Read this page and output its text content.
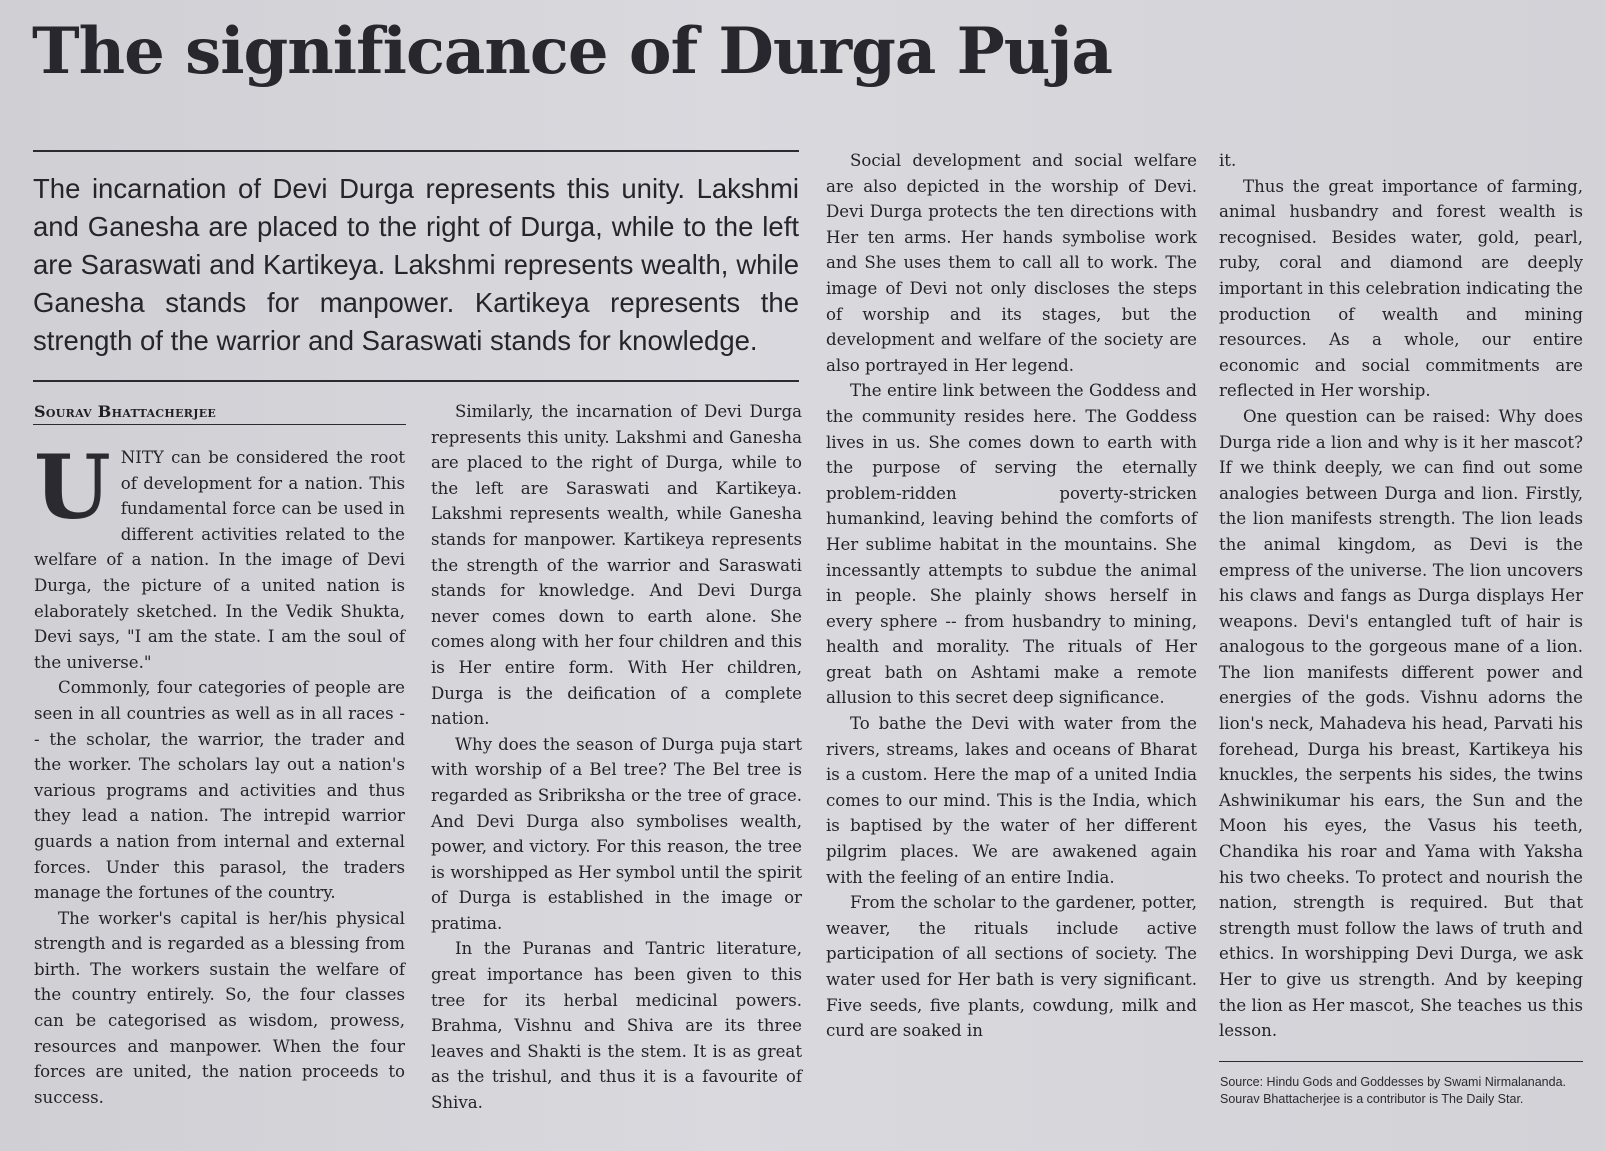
The significance of Durga Puja

The incarnation of Devi Durga represents this unity. Lakshmi and Ganesha are placed to the right of Durga, while to the left are Saraswati and Kartikeya. Lakshmi represents wealth, while Ganesha stands for manpower. Kartikeya represents the strength of the warrior and Saraswati stands for knowledge.

Sourav Bhattacherjee

UNITY can be considered the root of development for a nation. This fundamental force can be used in different activities related to the welfare of a nation. In the image of Devi Durga, the picture of a united nation is elaborately sketched. In the Vedik Shukta, Devi says, "I am the state. I am the soul of the universe."

Commonly, four categories of people are seen in all countries as well as in all races -- the scholar, the warrior, the trader and the worker. The scholars lay out a nation's various programs and activities and thus they lead a nation. The intrepid warrior guards a nation from internal and external forces. Under this parasol, the traders manage the fortunes of the country.

The worker's capital is her/his physical strength and is regarded as a blessing from birth. The workers sustain the welfare of the country entirely. So, the four classes can be categorised as wisdom, prowess, resources and manpower. When the four forces are united, the nation proceeds to success.

Similarly, the incarnation of Devi Durga represents this unity. Lakshmi and Ganesha are placed to the right of Durga, while to the left are Saraswati and Kartikeya. Lakshmi represents wealth, while Ganesha stands for manpower. Kartikeya represents the strength of the warrior and Saraswati stands for knowledge. And Devi Durga never comes down to earth alone. She comes along with her four children and this is Her entire form. With Her children, Durga is the deification of a complete nation.

Why does the season of Durga puja start with worship of a Bel tree? The Bel tree is regarded as Sribriksha or the tree of grace. And Devi Durga also symbolises wealth, power, and victory. For this reason, the tree is worshipped as Her symbol until the spirit of Durga is established in the image or pratima.

In the Puranas and Tantric literature, great importance has been given to this tree for its herbal medicinal powers. Brahma, Vishnu and Shiva are its three leaves and Shakti is the stem. It is as great as the trishul, and thus it is a favourite of Shiva.

Social development and social welfare are also depicted in the worship of Devi. Devi Durga protects the ten directions with Her ten arms. Her hands symbolise work and She uses them to call all to work. The image of Devi not only discloses the steps of worship and its stages, but the development and welfare of the society are also portrayed in Her legend.

The entire link between the Goddess and the community resides here. The Goddess lives in us. She comes down to earth with the purpose of serving the eternally problem-ridden poverty-stricken humankind, leaving behind the comforts of Her sublime habitat in the mountains. She incessantly attempts to subdue the animal in people. She plainly shows herself in every sphere -- from husbandry to mining, health and morality. The rituals of Her great bath on Ashtami make a remote allusion to this secret deep significance.

To bathe the Devi with water from the rivers, streams, lakes and oceans of Bharat is a custom. Here the map of a united India comes to our mind. This is the India, which is baptised by the water of her different pilgrim places. We are awakened again with the feeling of an entire India.

From the scholar to the gardener, potter, weaver, the rituals include active participation of all sections of society. The water used for Her bath is very significant. Five seeds, five plants, cowdung, milk and curd are soaked in

it.

Thus the great importance of farming, animal husbandry and forest wealth is recognised. Besides water, gold, pearl, ruby, coral and diamond are deeply important in this celebration indicating the production of wealth and mining resources. As a whole, our entire economic and social commitments are reflected in Her worship.

One question can be raised: Why does Durga ride a lion and why is it her mascot? If we think deeply, we can find out some analogies between Durga and lion. Firstly, the lion manifests strength. The lion leads the animal kingdom, as Devi is the empress of the universe. The lion uncovers his claws and fangs as Durga displays Her weapons. Devi's entangled tuft of hair is analogous to the gorgeous mane of a lion. The lion manifests different power and energies of the gods. Vishnu adorns the lion's neck, Mahadeva his head, Parvati his forehead, Durga his breast, Kartikeya his knuckles, the serpents his sides, the twins Ashwinikumar his ears, the Sun and the Moon his eyes, the Vasus his teeth, Chandika his roar and Yama with Yaksha his two cheeks. To protect and nourish the nation, strength is required. But that strength must follow the laws of truth and ethics. In worshipping Devi Durga, we ask Her to give us strength. And by keeping the lion as Her mascot, She teaches us this lesson.

Source: Hindu Gods and Goddesses by Swami Nirmalananda.
Sourav Bhattacherjee is a contributor is The Daily Star.
